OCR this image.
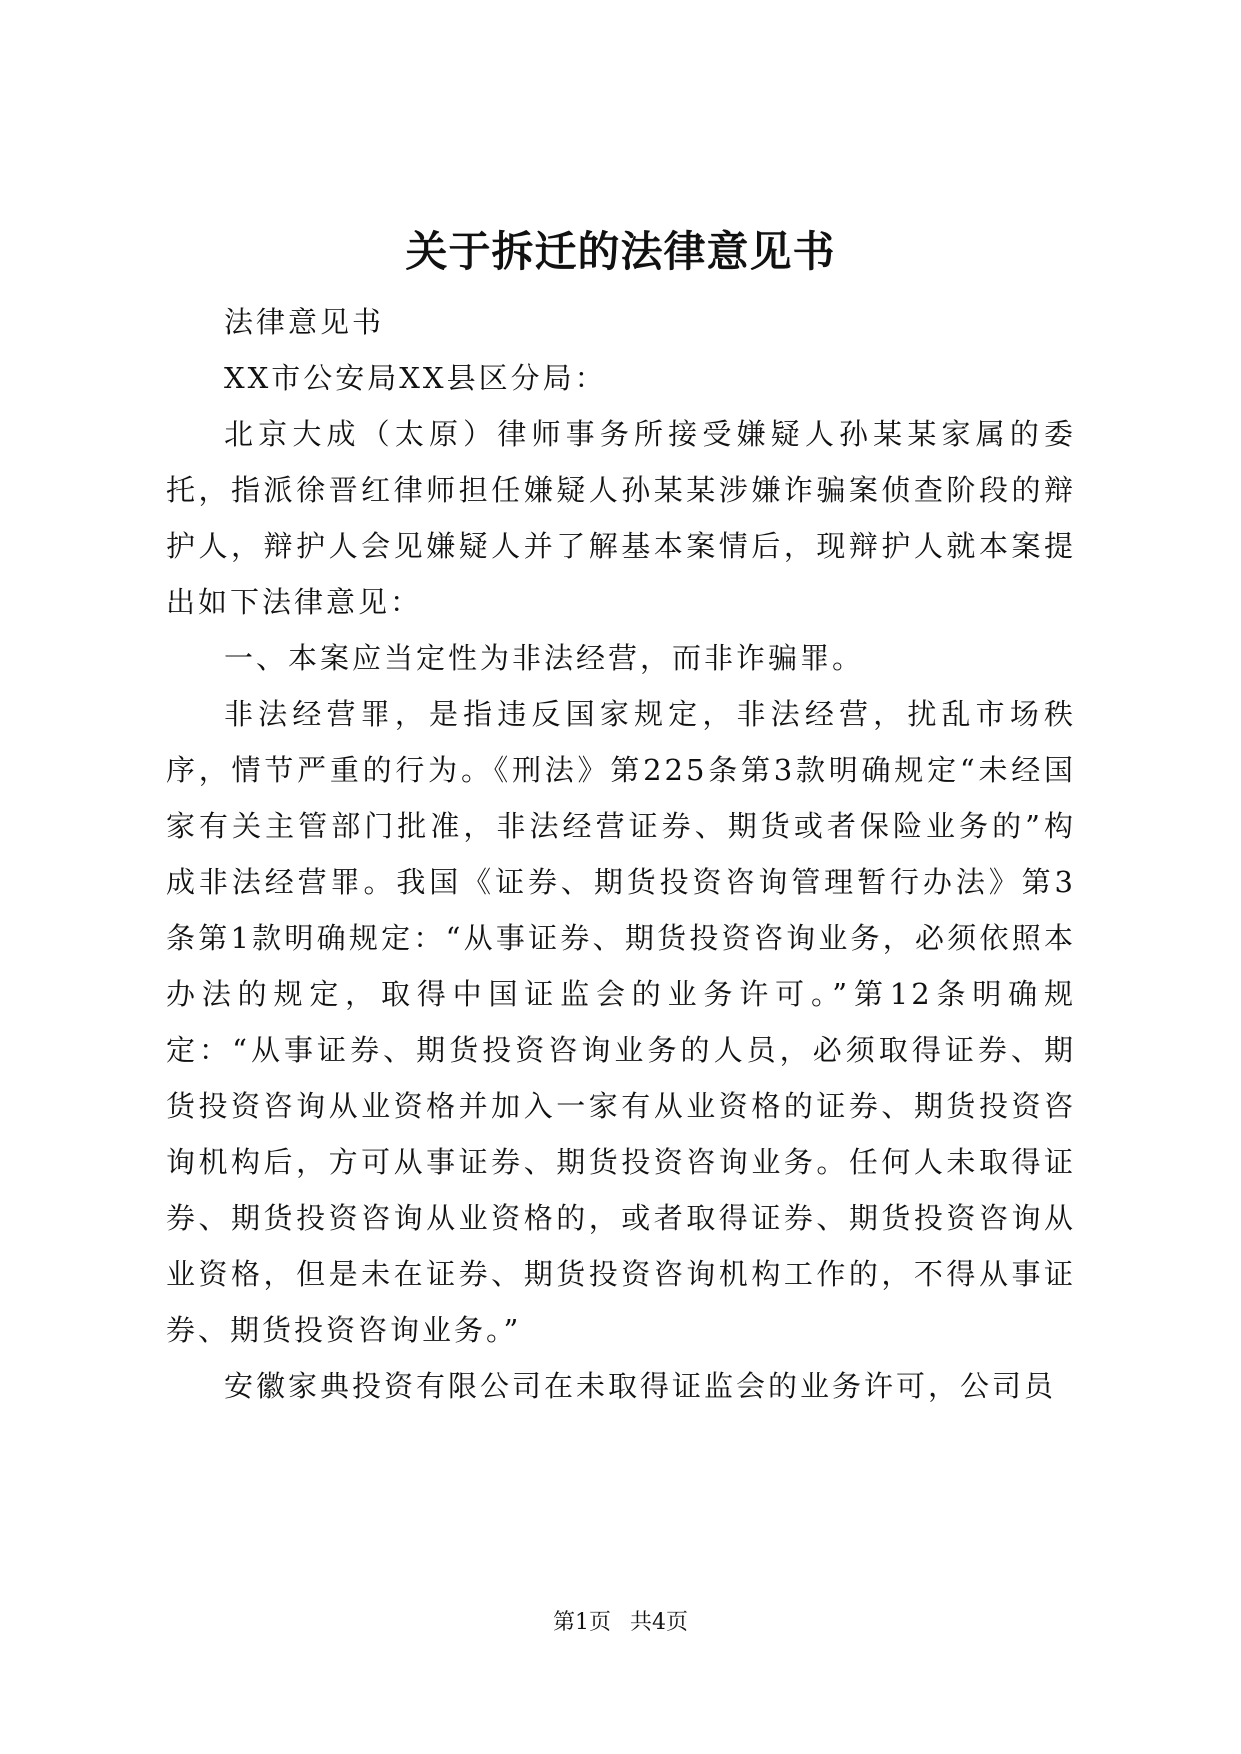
关于拆迁的法律意见书

法律意见书

XX市公安局XX县区分局：

北京大成（太原）律师事务所接受嫌疑人孙某某家属的委托，指派徐晋红律师担任嫌疑人孙某某涉嫌诈骗案侦查阶段的辩护人，辩护人会见嫌疑人并了解基本案情后，现辩护人就本案提出如下法律意见：

一、本案应当定性为非法经营，而非诈骗罪。

非法经营罪，是指违反国家规定，非法经营，扰乱市场秩序，情节严重的行为。《刑法》第225条第3款明确规定“未经国家有关主管部门批准，非法经营证券、期货或者保险业务的”构成非法经营罪。我国《证券、期货投资咨询管理暂行办法》第3条第1款明确规定：“从事证券、期货投资咨询业务，必须依照本办法的规定，取得中国证监会的业务许可。”第12条明确规定：“从事证券、期货投资咨询业务的人员，必须取得证券、期货投资咨询从业资格并加入一家有从业资格的证券、期货投资咨询机构后，方可从事证券、期货投资咨询业务。任何人未取得证券、期货投资咨询从业资格的，或者取得证券、期货投资咨询从业资格，但是未在证券、期货投资咨询机构工作的，不得从事证券、期货投资咨询业务。”

安徽家典投资有限公司在未取得证监会的业务许可，公司员

第1页 共4页
